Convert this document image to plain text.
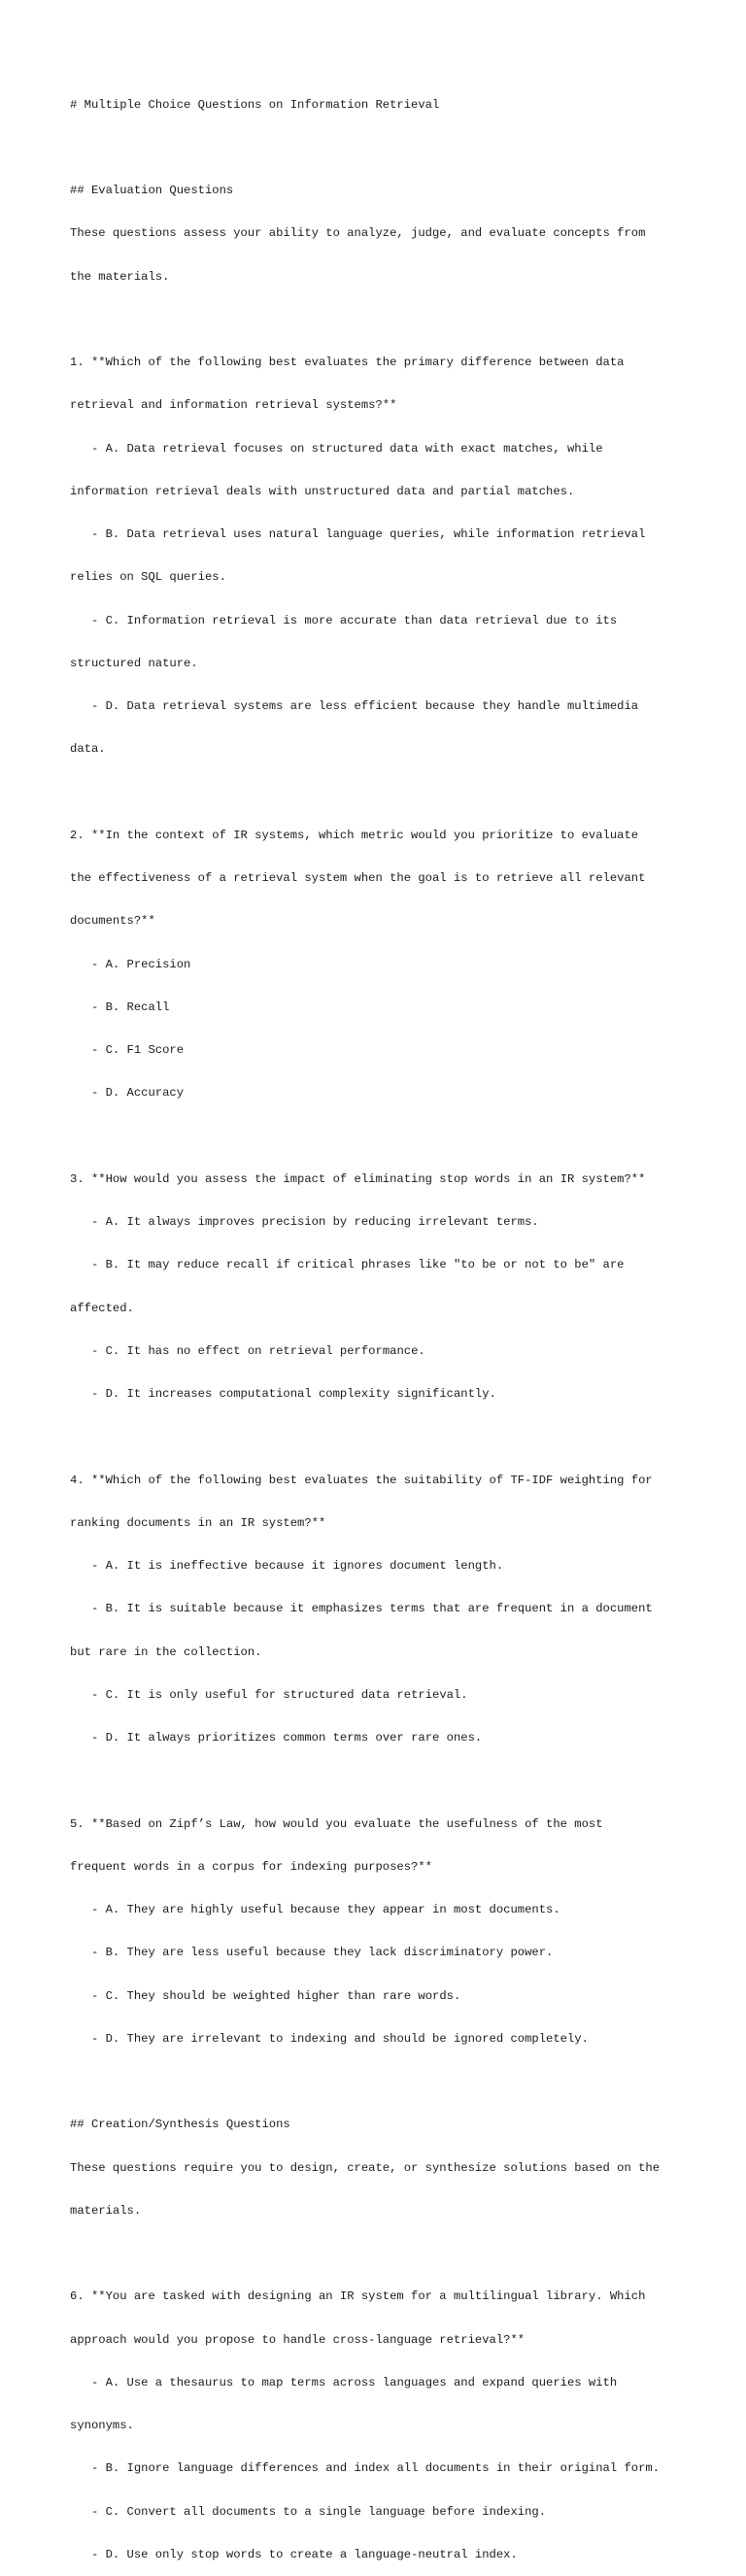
# Multiple Choice Questions on Information Retrieval

## Evaluation Questions

These questions assess your ability to analyze, judge, and evaluate concepts from

the materials.

1. **Which of the following best evaluates the primary difference between data

retrieval and information retrieval systems?**

- A. Data retrieval focuses on structured data with exact matches, while

information retrieval deals with unstructured data and partial matches.

- B. Data retrieval uses natural language queries, while information retrieval

relies on SQL queries.

- C. Information retrieval is more accurate than data retrieval due to its

structured nature.

- D. Data retrieval systems are less efficient because they handle multimedia

data.

2. **In the context of IR systems, which metric would you prioritize to evaluate

the effectiveness of a retrieval system when the goal is to retrieve all relevant

documents?**

- A. Precision

- B. Recall

- C. F1 Score

- D. Accuracy

3. **How would you assess the impact of eliminating stop words in an IR system?**

- A. It always improves precision by reducing irrelevant terms.

- B. It may reduce recall if critical phrases like "to be or not to be" are

affected.

- C. It has no effect on retrieval performance.

- D. It increases computational complexity significantly.

4. **Which of the following best evaluates the suitability of TF-IDF weighting for

ranking documents in an IR system?**

- A. It is ineffective because it ignores document length.

- B. It is suitable because it emphasizes terms that are frequent in a document

but rare in the collection.

- C. It is only useful for structured data retrieval.

- D. It always prioritizes common terms over rare ones.

5. **Based on Zipf’s Law, how would you evaluate the usefulness of the most

frequent words in a corpus for indexing purposes?**

- A. They are highly useful because they appear in most documents.

- B. They are less useful because they lack discriminatory power.

- C. They should be weighted higher than rare words.

- D. They are irrelevant to indexing and should be ignored completely.

## Creation/Synthesis Questions

These questions require you to design, create, or synthesize solutions based on the

materials.

6. **You are tasked with designing an IR system for a multilingual library. Which

approach would you propose to handle cross-language retrieval?**

- A. Use a thesaurus to map terms across languages and expand queries with

synonyms.

- B. Ignore language differences and index all documents in their original form.

- C. Convert all documents to a single language before indexing.

- D. Use only stop words to create a language-neutral index.
